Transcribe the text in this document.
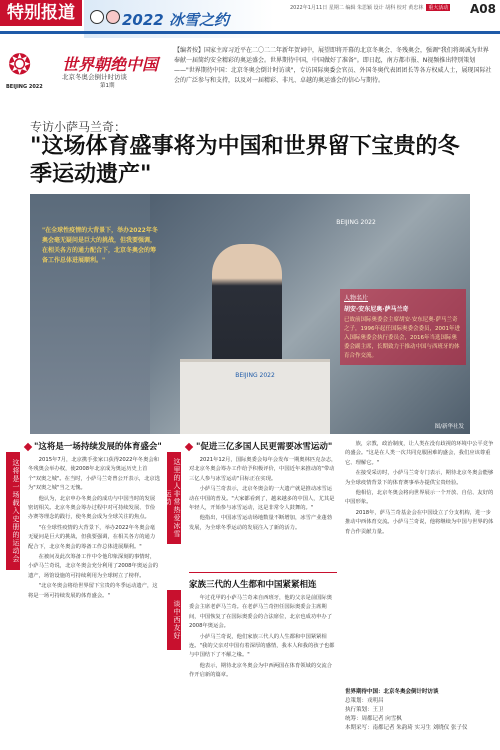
特别报道	2022 冰雪之约
2022年1月11日 星期二 编辑 朱思颖 设计 胡科 校对 黄忠林 重大活动 A08
❂
BEIJING 2022
世界朝绝中国
北京冬奥会倒计时访谈
第1期
【编者按】国家主席习近平在二〇二二年新年贺词中，展望即将开幕的北京冬奥会、冬残奥会，强调"我们将竭诚为世界奉献一届简约安全精彩的奥运盛会。世界期待中国，中国做好了准备"。即日起，南方都市报、N视频推出特别策划——"世界期待中国：北京冬奥会倒计时访谈"，专访国际奥委会官员、外国冬奥代表团团长等各方权威人士，展现国际社会的广泛参与和支持，以及对一届精彩、非凡、卓越的奥运盛会的信心与期待。
专访小萨马兰奇：
"这场体育盛事将为中国和世界留下宝贵的冬季运动遗产"
"在全球性疫情的大背景下，举办2022年冬奥会毫无疑问是巨大的挑战，但我要强调，在相关各方的通力配合下，北京冬奥会的筹备工作总体进展顺利。"
BEIJING 2022
BEIJING 2022
人物名片
胡安·安东尼奥·萨马兰奇
已故前国际奥委会主席胡安·安东尼奥·萨马兰奇之子，1996年起任国际奥委会委员，2001年进入国际奥委会执行委员会，2016年当选国际奥委会副主席，长期致力于推动中国与西班牙的体育合作交流。
图/新华社发
这将是一场载入史册的运动会
"这将是一场持续发展的体育盛会"

2015年7月，北京携手张家口获得2022年冬奥会和冬残奥会举办权，使2008年北京成为奥运历史上首个"双奥之城"。在当时，小萨马兰奇曾公开表示，北京选为"双奥之城"当之无愧。

他认为，北京申办冬奥会的成功与中国当时的发展密切相关。北京冬奥会筹办过程中对可持续发展、节俭办赛等理念的践行，使冬奥会成为全球关注的焦点。

"在全球性疫情的大背景下，举办2022年冬奥会毫无疑问是巨大的挑战，但我要强调，在相关各方的通力配合下，北京冬奥会的筹备工作总体进展顺利。"

在被问及此次筹备工作中令他印象深刻的事情时，小萨马兰奇说，北京冬奥会充分利用了2008年奥运会的遗产，场馆设施的可持续利用为全球树立了榜样。

"北京冬奥会将给世界留下宝贵的冬季运动遗产，这将是一场可持续发展的体育盛会。"

这里的人非常热爱冰雪运动
"促进三亿多国人民更需要冰雪运动"

2021年12月，国际奥委会每年会发布一期奥林匹克杂志，对北京冬奥会筹办工作给予积极评价，中国近年来推动的"带动三亿人参与冰雪运动"目标正在实现。

小萨马兰奇表示，北京冬奥会的一大遗产就是推动冰雪运动在中国的普及。"大家都看到了，越来越多的中国人，尤其是年轻人，开始参与冰雪运动，这是非常令人鼓舞的。"

他指出，中国冰雪运动场地数量不断增加，冰雪产业蓬勃发展，为全球冬季运动的发展注入了新的活力。

谈中西友好
家族三代的人生都和中国紧紧相连

年过花甲的小萨马兰奇来自西班牙，他的父亲是前国际奥委会主席老萨马兰奇。在老萨马兰奇担任国际奥委会主席期间，中国恢复了在国际奥委会的合法席位，北京也成功申办了2008年奥运会。

小萨马兰奇说，他们家族三代人的人生都和中国紧紧相连。"我的父亲对中国有着深厚的感情，我本人和我的孩子也都与中国结下了不解之缘。"

他表示，期待北京冬奥会为中西两国在体育领域的交流合作开启新的篇章。

族，宗教，政治制度，让人类在没有歧视的环境中公平竞争的盛会。"这是在人类一次共同克服困难的盛会，我们应该尊重它、理解它。"

在接受采访时，小萨马兰奇专门表示，期待北京冬奥会能够为全球疫情背景下的体育赛事举办提供宝贵经验。

他相信，北京冬奥会将向世界展示一个开放、自信、友好的中国形象。

2018年，萨马兰奇基金会在中国设立了分支机构，进一步推动中西体育交流。小萨马兰奇说，他将继续为中国与世界的体育合作贡献力量。

世界期待中国：北京冬奥会倒计时访谈
总策划：戎明昌
执行策划：王卫
统筹：周都记者 向雪枫
本期采写：南都记者 朱韵琦 实习生 刘晓仪 张子仪
